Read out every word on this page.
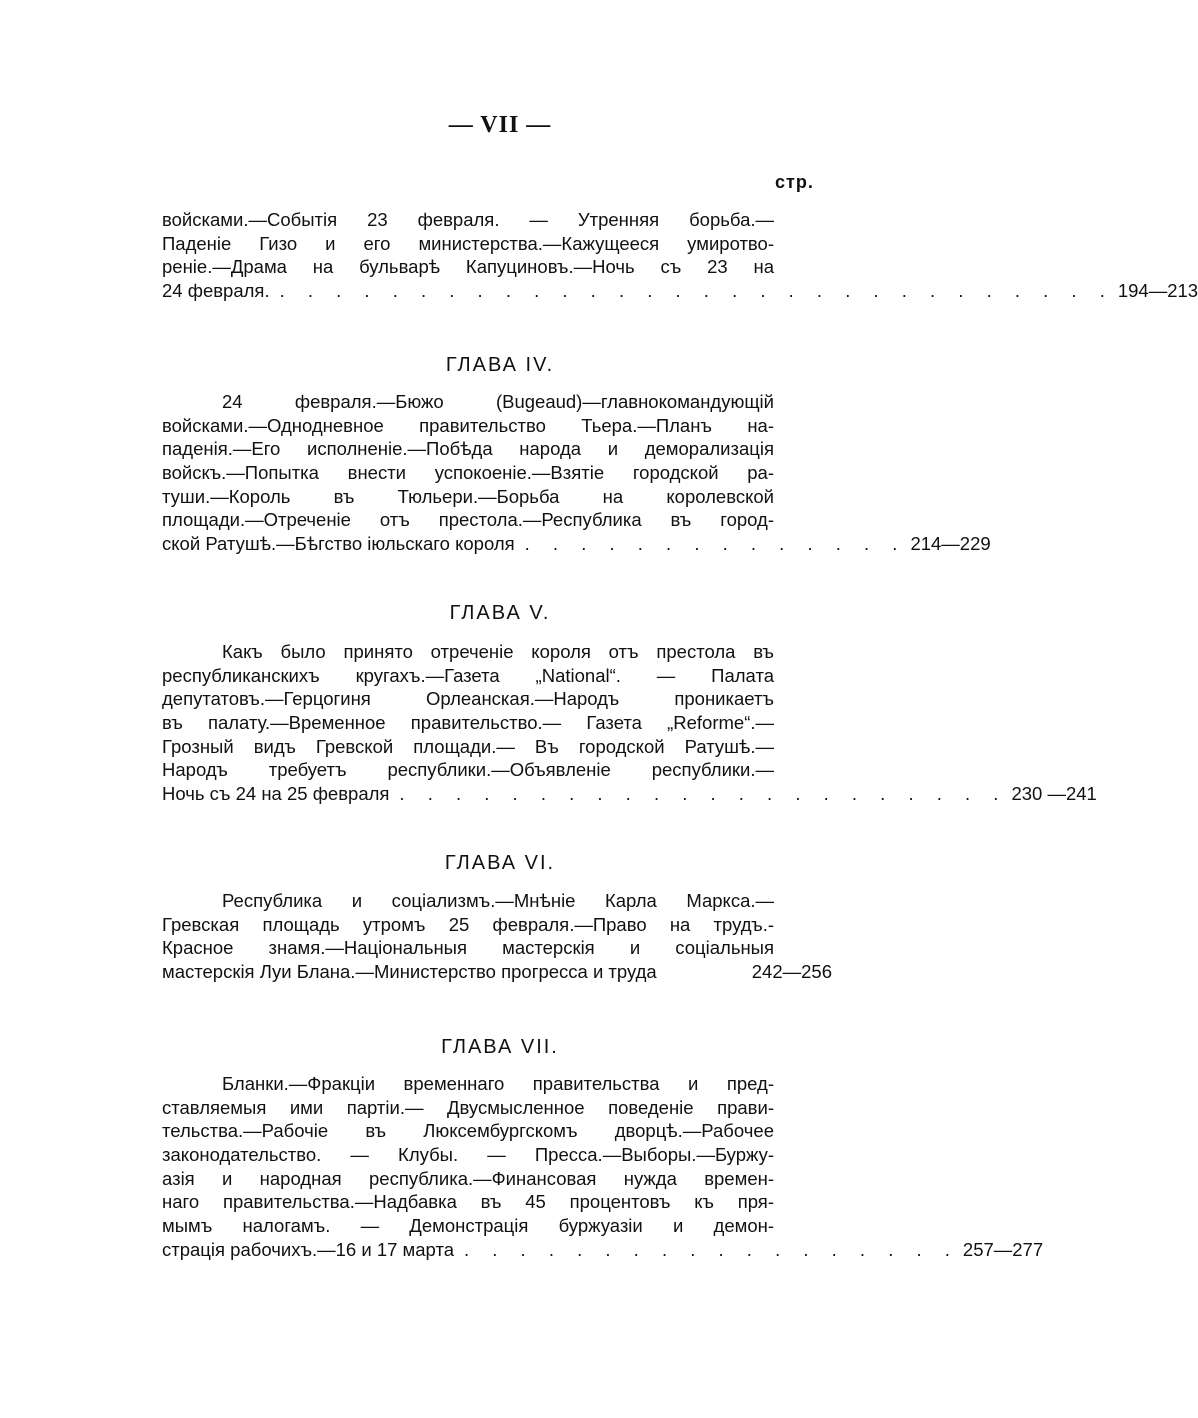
— VII —
стр.
войсками.—Событія 23 февраля. — Утренняя борьба.—
Паденіе Гизо и его министерства.—Кажущееся умиротво-
реніе.—Драма на бульварѣ Капуциновъ.—Ночь съ 23 на
24 февраля. . . . . . . . . . . . . . . . . . . . . . . . . . . . . . . 194—213
ГЛАВА IV.
24 февраля.—Бюжо (Bugeaud)—главнокомандующій
войсками.—Однодневное правительство Тьера.—Планъ на-
паденія.—Его исполненіе.—Побѣда народа и деморализація
войскъ.—Попытка внести успокоеніе.—Взятіе городской ра-
туши.—Король въ Тюльери.—Борьба на королевской
площади.—Отреченіе отъ престола.—Республика въ город-
ской Ратушѣ.—Бѣгство іюльскаго короля . . . . . . . . . . . . . . 214—229
ГЛАВА V.
Какъ было принято отреченіе короля отъ престола въ
республиканскихъ кругахъ.—Газета „National“. — Палата
депутатовъ.—Герцогиня Орлеанская.—Народъ проникаетъ
въ палату.—Временное правительство.— Газета „Reforme“.—
Грозный видъ Гревской площади.— Въ городской Ратушѣ.—
Народъ требуетъ республики.—Объявленіе республики.—
Ночь съ 24 на 25 февраля . . . . . . . . . . . . . . . . . . . . . . 230 —241
ГЛАВА VI.
Республика и соціализмъ.—Мнѣніе Карла Маркса.—
Гревская площадь утромъ 25 февраля.—Право на трудъ.-
Красное знамя.—Національныя мастерскія и соціальныя
мастерскія Луи Блана.—Министерство прогресса и труда	242—256
ГЛАВА VII.
Бланки.—Фракціи временнаго правительства и пред-
ставляемыя ими партіи.— Двусмысленное поведеніе прави-
тельства.—Рабочіе въ Люксембургскомъ дворцѣ.—Рабочее
законодательство. — Клубы. — Пресса.—Выборы.—Буржу-
азія и народная республика.—Финансовая нужда времен-
наго правительства.—Надбавка въ 45 процентовъ къ пря-
мымъ налогамъ. — Демонстрація буржуазіи и демон-
страція рабочихъ.—16 и 17 марта . . . . . . . . . . . . . . . . . . 257—277
